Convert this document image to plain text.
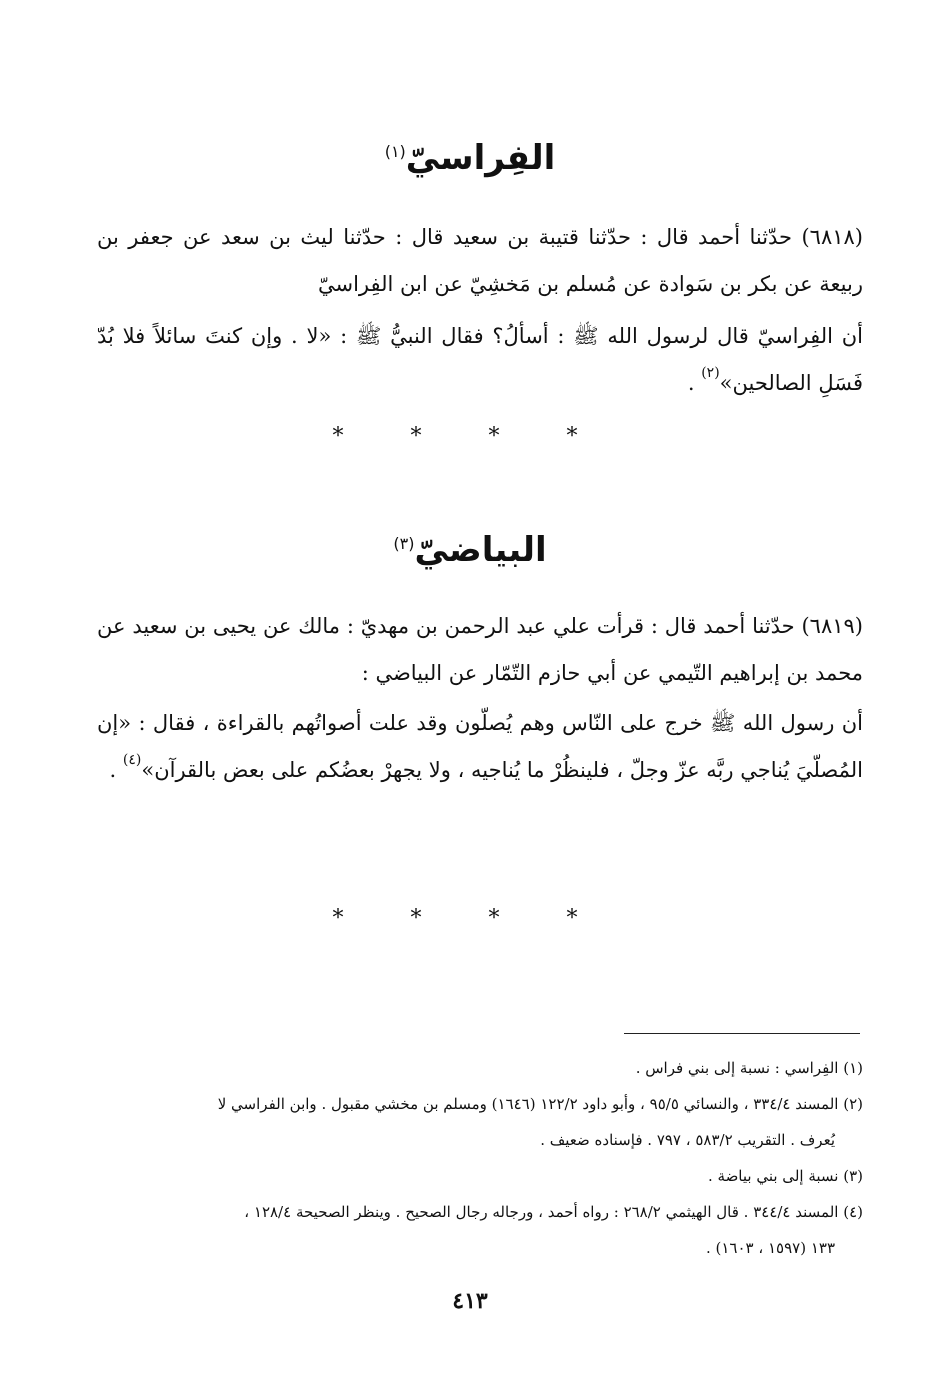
الفِراسيّ$^{(١)}$
(٦٨١٨) حدّثنا أحمد قال : حدّثنا قتيبة بن سعيد قال : حدّثنا ليث بن سعد عن جعفر بن ربيعة عن بكر بن سَوادة عن مُسلم بن مَخشِيّ عن ابن الفِراسيّ
أن الفِراسيّ قال لرسول الله ﷺ : أسألُ؟ فقال النبيُّ ﷺ : «لا . وإن كنتَ سائلاً فلا بُدّ فَسَلِ الصالحين»$^{(٢)}$ .
* * * *
البياضيّ$^{(٣)}$
(٦٨١٩) حدّثنا أحمد قال : قرأت علي عبد الرحمن بن مهديّ : مالك عن يحيى بن سعيد عن محمد بن إبراهيم التّيمي عن أبي حازم التّمّار عن البياضي :
أن رسول الله ﷺ خرج على النّاس وهم يُصلّون وقد علت أصواتُهم بالقراءة ، فقال : «إن المُصلّيَ يُناجي ربَّه عزّ وجلّ ، فلينظُرْ ما يُناجيه ، ولا يجهرْ بعضُكم على بعض بالقرآن»$^{(٤)}$ .
* * * *

(١) الفِراسي : نسبة إلى بني فراس .

(٢) المسند ٣٣٤/٤ ، والنسائي ٩٥/٥ ، وأبو داود ١٢٢/٢ (١٦٤٦) ومسلم بن مخشي مقبول . وابن الفراسي لا

يُعرف . التقريب ٥٨٣/٢ ، ٧٩٧ . فإسناده ضعيف .

(٣) نسبة إلى بني بياضة .

(٤) المسند ٣٤٤/٤ . قال الهيثمي ٢٦٨/٢ : رواه أحمد ، ورجاله رجال الصحيح . وينظر الصحيحة ١٢٨/٤ ،

١٣٣ (١٥٩٧ ، ١٦٠٣) .

٤١٣
